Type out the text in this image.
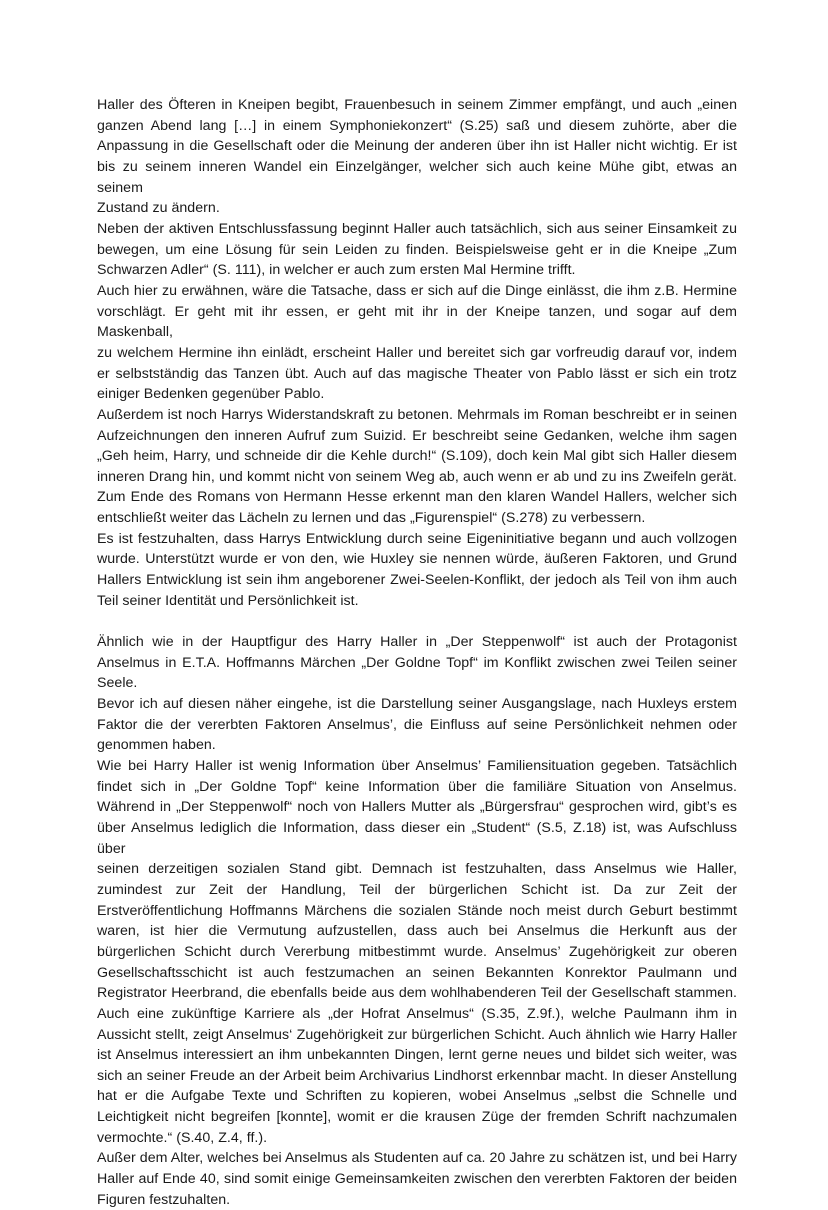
Haller des Öfteren in Kneipen begibt, Frauenbesuch in seinem Zimmer empfängt, und auch „einen
ganzen Abend lang […] in einem Symphoniekonzert“ (S.25) saß und diesem zuhörte, aber die
Anpassung in die Gesellschaft oder die Meinung der anderen über ihn ist Haller nicht wichtig. Er ist
bis zu seinem inneren Wandel ein Einzelgänger, welcher sich auch keine Mühe gibt, etwas an seinem
Zustand zu ändern.
Neben der aktiven Entschlussfassung beginnt Haller auch tatsächlich, sich aus seiner Einsamkeit zu
bewegen, um eine Lösung für sein Leiden zu finden. Beispielsweise geht er in die Kneipe „Zum
Schwarzen Adler“ (S. 111), in welcher er auch zum ersten Mal Hermine trifft.
Auch hier zu erwähnen, wäre die Tatsache, dass er sich auf die Dinge einlässt, die ihm z.B. Hermine
vorschlägt. Er geht mit ihr essen, er geht mit ihr in der Kneipe tanzen, und sogar auf dem Maskenball,
zu welchem Hermine ihn einlädt, erscheint Haller und bereitet sich gar vorfreudig darauf vor, indem
er selbstständig das Tanzen übt. Auch auf das magische Theater von Pablo lässt er sich ein trotz
einiger Bedenken gegenüber Pablo.
Außerdem ist noch Harrys Widerstandskraft zu betonen. Mehrmals im Roman beschreibt er in seinen
Aufzeichnungen den inneren Aufruf zum Suizid. Er beschreibt seine Gedanken, welche ihm sagen
„Geh heim, Harry, und schneide dir die Kehle durch!“ (S.109), doch kein Mal gibt sich Haller diesem
inneren Drang hin, und kommt nicht von seinem Weg ab, auch wenn er ab und zu ins Zweifeln gerät.
Zum Ende des Romans von Hermann Hesse erkennt man den klaren Wandel Hallers, welcher sich
entschließt weiter das Lächeln zu lernen und das „Figurenspiel“ (S.278) zu verbessern.
Es ist festzuhalten, dass Harrys Entwicklung durch seine Eigeninitiative begann und auch vollzogen
wurde. Unterstützt wurde er von den, wie Huxley sie nennen würde, äußeren Faktoren, und Grund
Hallers Entwicklung ist sein ihm angeborener Zwei-Seelen-Konflikt, der jedoch als Teil von ihm auch
Teil seiner Identität und Persönlichkeit ist.
Ähnlich wie in der Hauptfigur des Harry Haller in „Der Steppenwolf“ ist auch der Protagonist
Anselmus in E.T.A. Hoffmanns Märchen „Der Goldne Topf“ im Konflikt zwischen zwei Teilen seiner
Seele.
Bevor ich auf diesen näher eingehe, ist die Darstellung seiner Ausgangslage, nach Huxleys erstem
Faktor die der vererbten Faktoren Anselmus’, die Einfluss auf seine Persönlichkeit nehmen oder
genommen haben.
Wie bei Harry Haller ist wenig Information über Anselmus’ Familiensituation gegeben. Tatsächlich
findet sich in „Der Goldne Topf“ keine Information über die familiäre Situation von Anselmus.
Während in „Der Steppenwolf“ noch von Hallers Mutter als „Bürgersfrau“ gesprochen wird, gibt’s es
über Anselmus lediglich die Information, dass dieser ein „Student“ (S.5, Z.18) ist, was Aufschluss über
seinen derzeitigen sozialen Stand gibt. Demnach ist festzuhalten, dass Anselmus wie Haller,
zumindest zur Zeit der Handlung, Teil der bürgerlichen Schicht ist. Da zur Zeit der
Erstveröffentlichung Hoffmanns Märchens die sozialen Stände noch meist durch Geburt bestimmt
waren, ist hier die Vermutung aufzustellen, dass auch bei Anselmus die Herkunft aus der
bürgerlichen Schicht durch Vererbung mitbestimmt wurde. Anselmus’ Zugehörigkeit zur oberen
Gesellschaftsschicht ist auch festzumachen an seinen Bekannten Konrektor Paulmann und
Registrator Heerbrand, die ebenfalls beide aus dem wohlhabenderen Teil der Gesellschaft stammen.
Auch eine zukünftige Karriere als „der Hofrat Anselmus“ (S.35, Z.9f.), welche Paulmann ihm in
Aussicht stellt, zeigt Anselmus‘ Zugehörigkeit zur bürgerlichen Schicht. Auch ähnlich wie Harry Haller
ist Anselmus interessiert an ihm unbekannten Dingen, lernt gerne neues und bildet sich weiter, was
sich an seiner Freude an der Arbeit beim Archivarius Lindhorst erkennbar macht. In dieser Anstellung
hat er die Aufgabe Texte und Schriften zu kopieren, wobei Anselmus „selbst die Schnelle und
Leichtigkeit nicht begreifen [konnte], womit er die krausen Züge der fremden Schrift nachzumalen
vermochte.“ (S.40, Z.4, ff.).
Außer dem Alter, welches bei Anselmus als Studenten auf ca. 20 Jahre zu schätzen ist, und bei Harry
Haller auf Ende 40, sind somit einige Gemeinsamkeiten zwischen den vererbten Faktoren der beiden
Figuren festzuhalten.
